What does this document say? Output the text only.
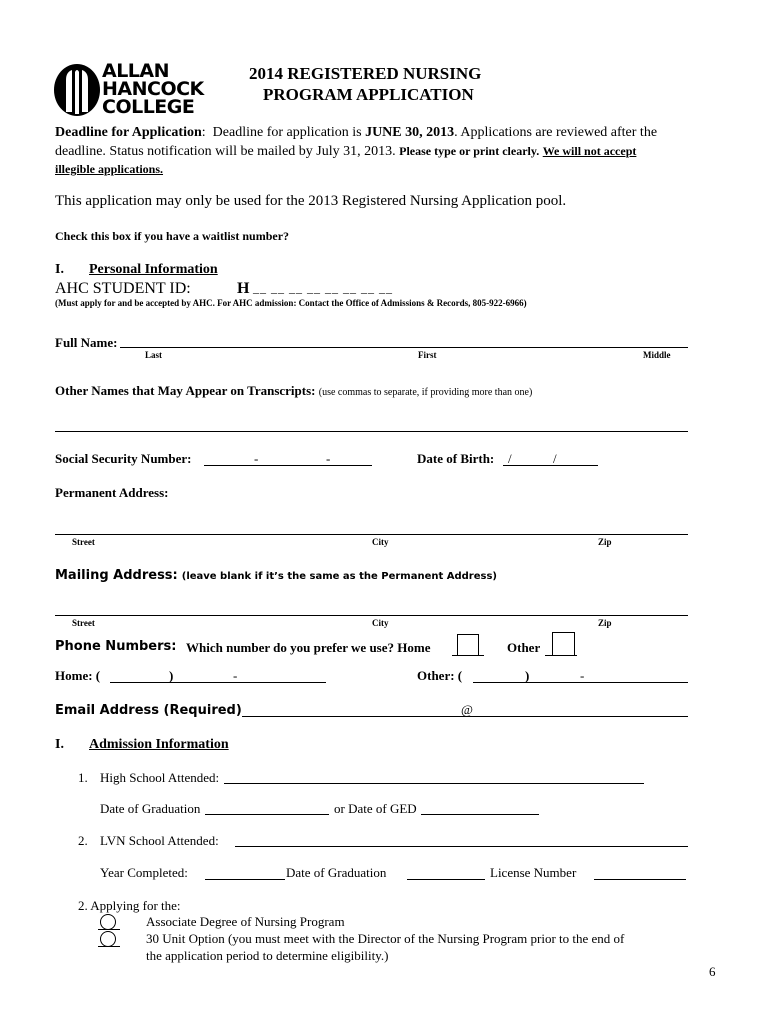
ALLAN
HANCOCK
COLLEGE
2014 REGISTERED NURSING
PROGRAM APPLICATION
Deadline for Application: Deadline for application is JUNE 30, 2013. Applications are reviewed after the
deadline. Status notification will be mailed by July 31, 2013. Please type or print clearly. We will not accept
illegible applications.
This application may only be used for the 2013 Registered Nursing Application pool.
Check this box if you have a waitlist number?
I. Personal Information
AHC STUDENT ID:	H __ __ __ __ __ __ __ __
(Must apply for and be accepted by AHC. For AHC admission: Contact the Office of Admissions & Records, 805-922-6966)
Full Name:
Last	First	Middle
Other Names that May Appear on Transcripts: (use commas to separate, if providing more than one)
Social Security Number:	-	-	Date of Birth: /	/
Permanent Address:
Street	City	Zip
Mailing Address: (leave blank if it’s the same as the Permanent Address)
Street	City	Zip
Phone Numbers: Which number do you prefer we use? Home	Other
Home: (	)	-	Other: (	)	-
Email Address (Required)	@
I. Admission Information
1. High School Attended:
Date of Graduation	or Date of GED
2. LVN School Attended:
Year Completed:	Date of Graduation	License Number
2. Applying for the:
Associate Degree of Nursing Program
30 Unit Option (you must meet with the Director of the Nursing Program prior to the end of
the application period to determine eligibility.)
6
